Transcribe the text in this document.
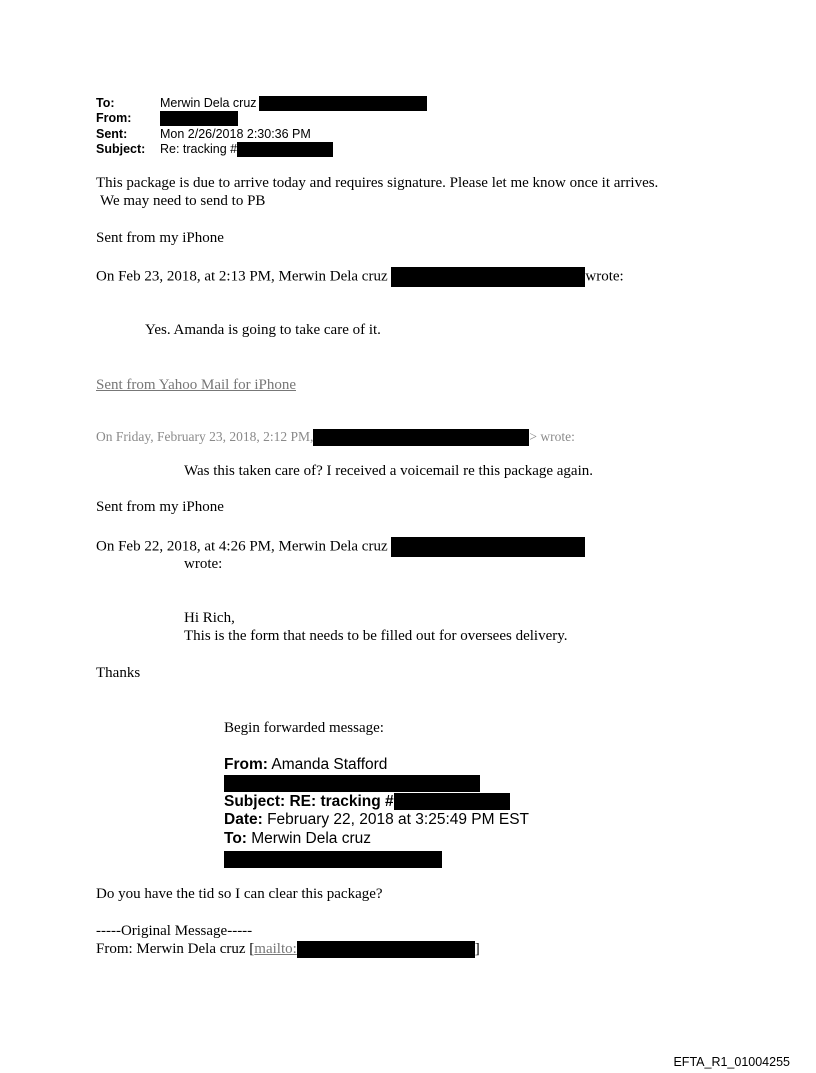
To:	Merwin Dela cruz
From:
Sent:	Mon 2/26/2018 2:30:36 PM
Subject: Re: tracking #
This package is due to arrive today and requires signature. Please let me know once it arrives.
We may need to send to PB
Sent from my iPhone
On Feb 23, 2018, at 2:13 PM, Merwin Dela cruz	wrote:
Yes. Amanda is going to take care of it.
Sent from Yahoo Mail for iPhone
On Friday, February 23, 2018, 2:12 PM,	> wrote:
Was this taken care of? I received a voicemail re this package again.
Sent from my iPhone
On Feb 22, 2018, at 4:26 PM, Merwin Dela cruz
wrote:
Hi Rich,
This is the form that needs to be filled out for oversees delivery.
Thanks
Begin forwarded message:
From: Amanda Stafford
Subject: RE: tracking #
Date: February 22, 2018 at 3:25:49 PM EST
To: Merwin Dela cruz
Do you have the tid so I can clear this package?
-----Original Message-----
From: Merwin Dela cruz [mailto:	]
EFTA_R1_01004255
